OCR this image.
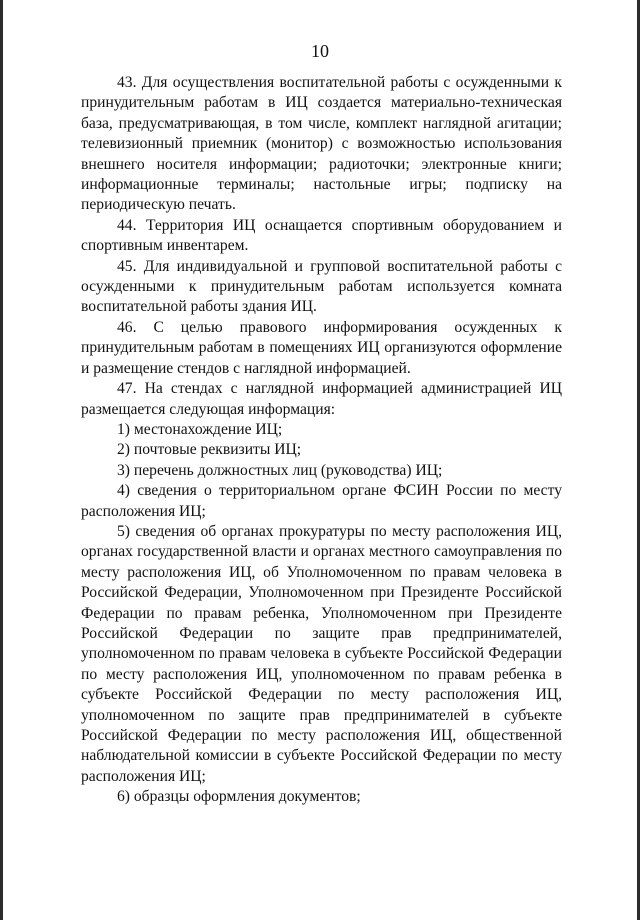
10

43. Для осуществления воспитательной работы с осужденными к принудительным работам в ИЦ создается материально-техническая база, предусматривающая, в том числе, комплект наглядной агитации; телевизионный приемник (монитор) с возможностью использования внешнего носителя информации; радиоточки; электронные книги; информационные терминалы; настольные игры; подписку на периодическую печать.

44. Территория ИЦ оснащается спортивным оборудованием и спортивным инвентарем.

45. Для индивидуальной и групповой воспитательной работы с осужденными к принудительным работам используется комната воспитательной работы здания ИЦ.

46. С целью правового информирования осужденных к принудительным работам в помещениях ИЦ организуются оформление и размещение стендов с наглядной информацией.

47. На стендах с наглядной информацией администрацией ИЦ размещается следующая информация:

1) местонахождение ИЦ;

2) почтовые реквизиты ИЦ;

3) перечень должностных лиц (руководства) ИЦ;

4) сведения о территориальном органе ФСИН России по месту расположения ИЦ;

5) сведения об органах прокуратуры по месту расположения ИЦ, органах государственной власти и органах местного самоуправления по месту расположения ИЦ, об Уполномоченном по правам человека в Российской Федерации, Уполномоченном при Президенте Российской Федерации по правам ребенка, Уполномоченном при Президенте Российской Федерации по защите прав предпринимателей, уполномоченном по правам человека в субъекте Российской Федерации по месту расположения ИЦ, уполномоченном по правам ребенка в субъекте Российской Федерации по месту расположения ИЦ, уполномоченном по защите прав предпринимателей в субъекте Российской Федерации по месту расположения ИЦ, общественной наблюдательной комиссии в субъекте Российской Федерации по месту расположения ИЦ;

6) образцы оформления документов;
